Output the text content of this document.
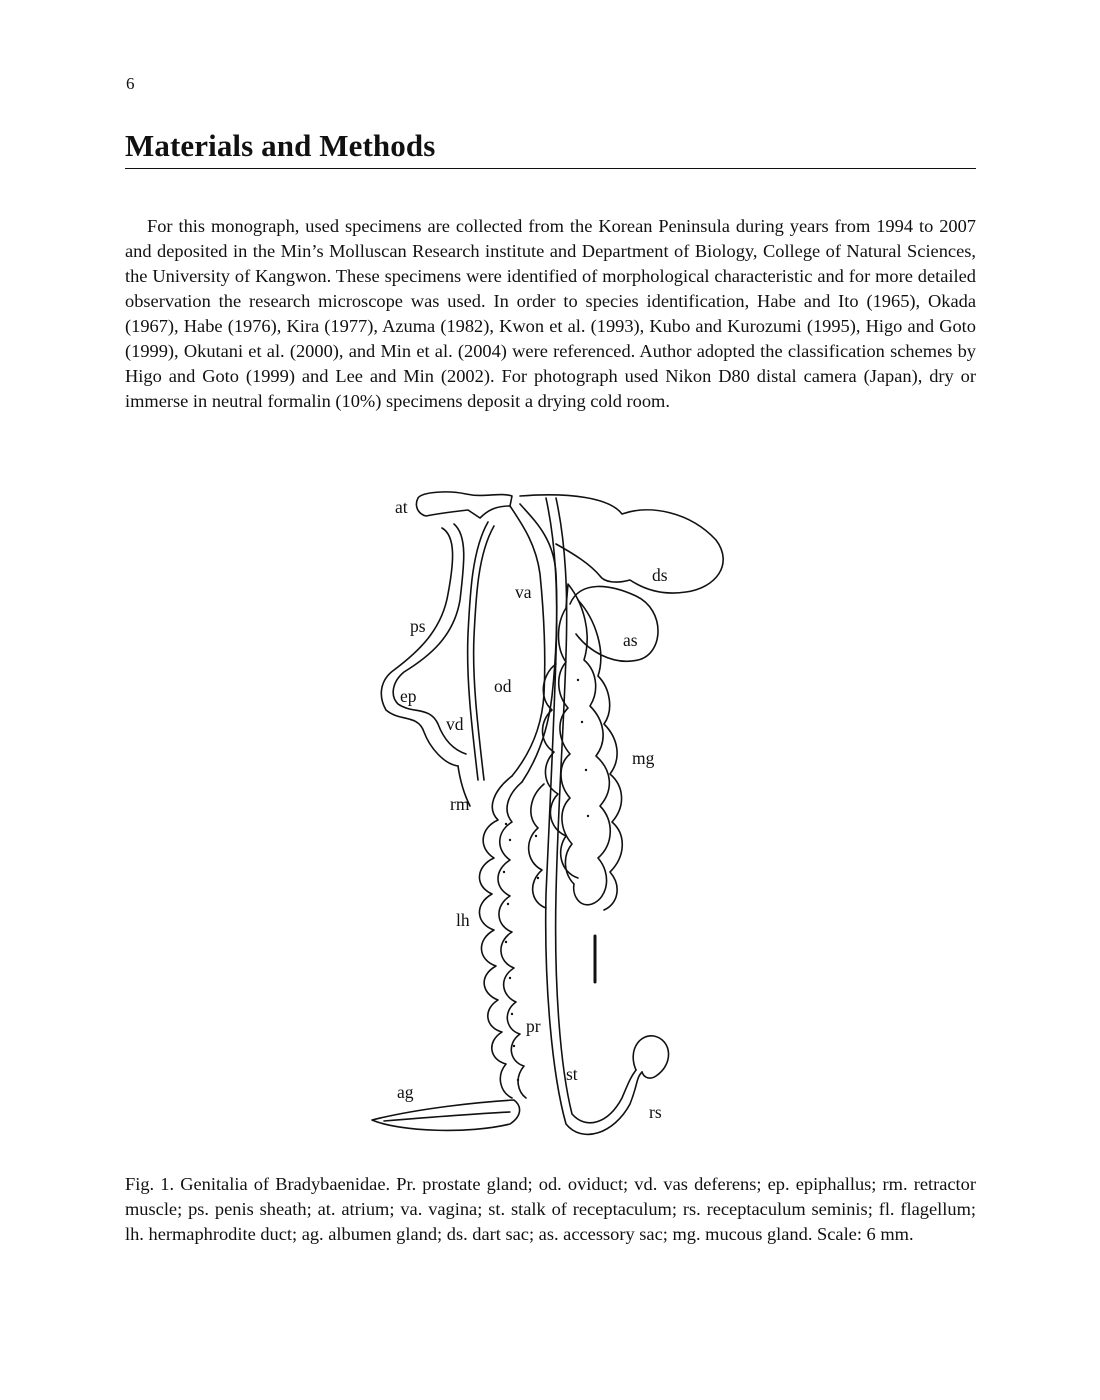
6
Materials and Methods

For this monograph, used specimens are collected from the Korean Peninsula during years from 1994 to 2007 and deposited in the Min’s Molluscan Research institute and Department of Biology, College of Natural Sciences, the University of Kangwon. These specimens were identified of morphological characteristic and for more detailed observation the research microscope was used. In order to species identification, Habe and Ito (1965), Okada (1967), Habe (1976), Kira (1977), Azuma (1982), Kwon et al. (1993), Kubo and Kurozumi (1995), Higo and Goto (1999), Okutani et al. (2000), and Min et al. (2004) were referenced. Author adopted the classification schemes by Higo and Goto (1999) and Lee and Min (2002). For photograph used Nikon D80 distal camera (Japan), dry or immerse in neutral formalin (10%) specimens deposit a drying cold room.

at
ds
va
ps
as
od
ep
vd
mg
rm
lh
pr
st
ag
rs

Fig. 1. Genitalia of Bradybaenidae. Pr. prostate gland; od. oviduct; vd. vas deferens; ep. epiphallus; rm. retractor muscle; ps. penis sheath; at. atrium; va. vagina; st. stalk of receptaculum; rs. receptaculum seminis; fl. flagellum; lh. hermaphrodite duct; ag. albumen gland; ds. dart sac; as. accessory sac; mg. mucous gland. Scale: 6 mm.
